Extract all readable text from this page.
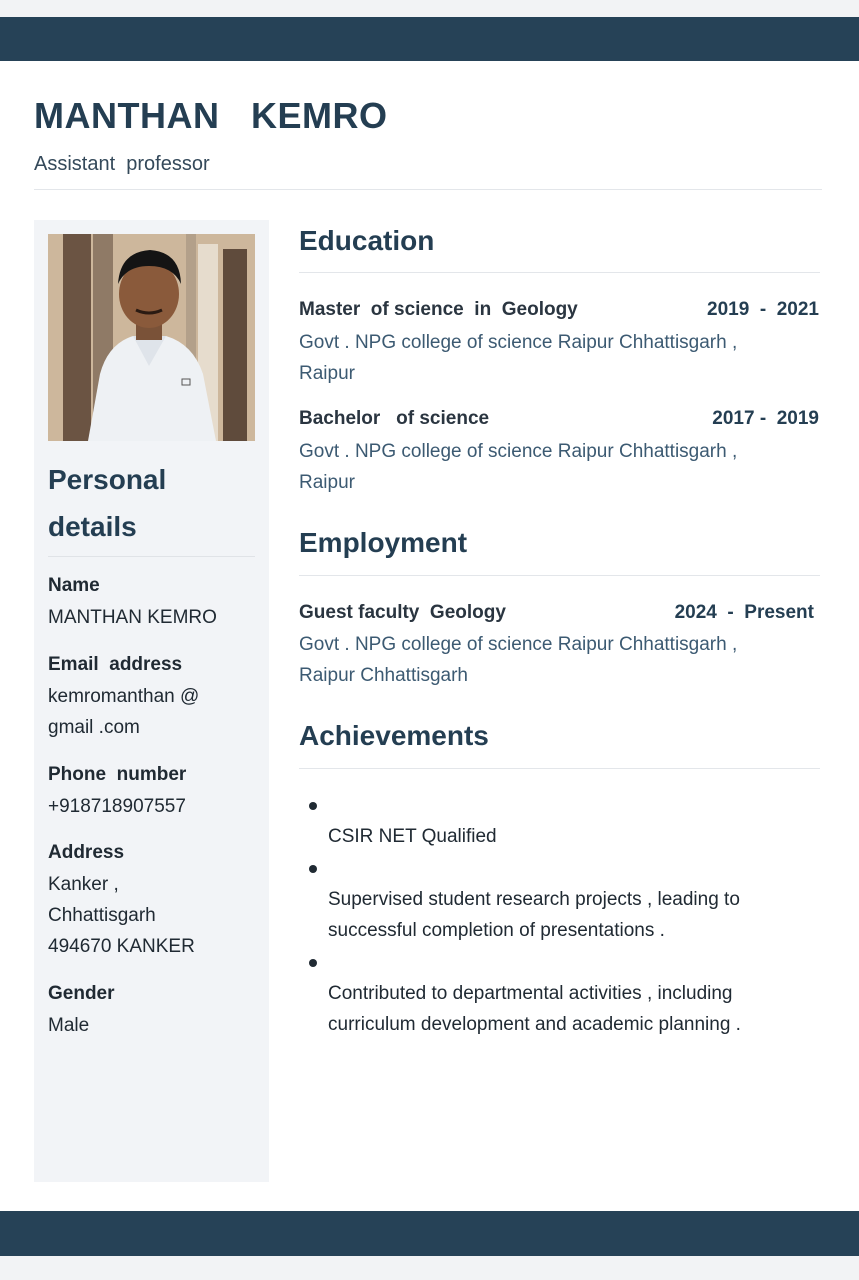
MANTHAN   KEMRO
Assistant  professor
Personal
details
Name
MANTHAN KEMRO
Email  address
kemromanthan @
gmail .com
Phone  number
+918718907557
Address
Kanker ,
Chhattisgarh
494670 KANKER
Gender
Male
Education
Master  of science  in  Geology	2019  -  2021
Govt . NPG college of science Raipur Chhattisgarh ,
Raipur
Bachelor   of science	2017 -  2019
Govt . NPG college of science Raipur Chhattisgarh ,
Raipur
Employment
Guest faculty  Geology	2024  -  Present
Govt . NPG college of science Raipur Chhattisgarh ,
Raipur Chhattisgarh
Achievements

CSIR NET Qualified

Supervised student research projects , leading to
successful completion of presentations .

Contributed to departmental activities , including
curriculum development and academic planning .
